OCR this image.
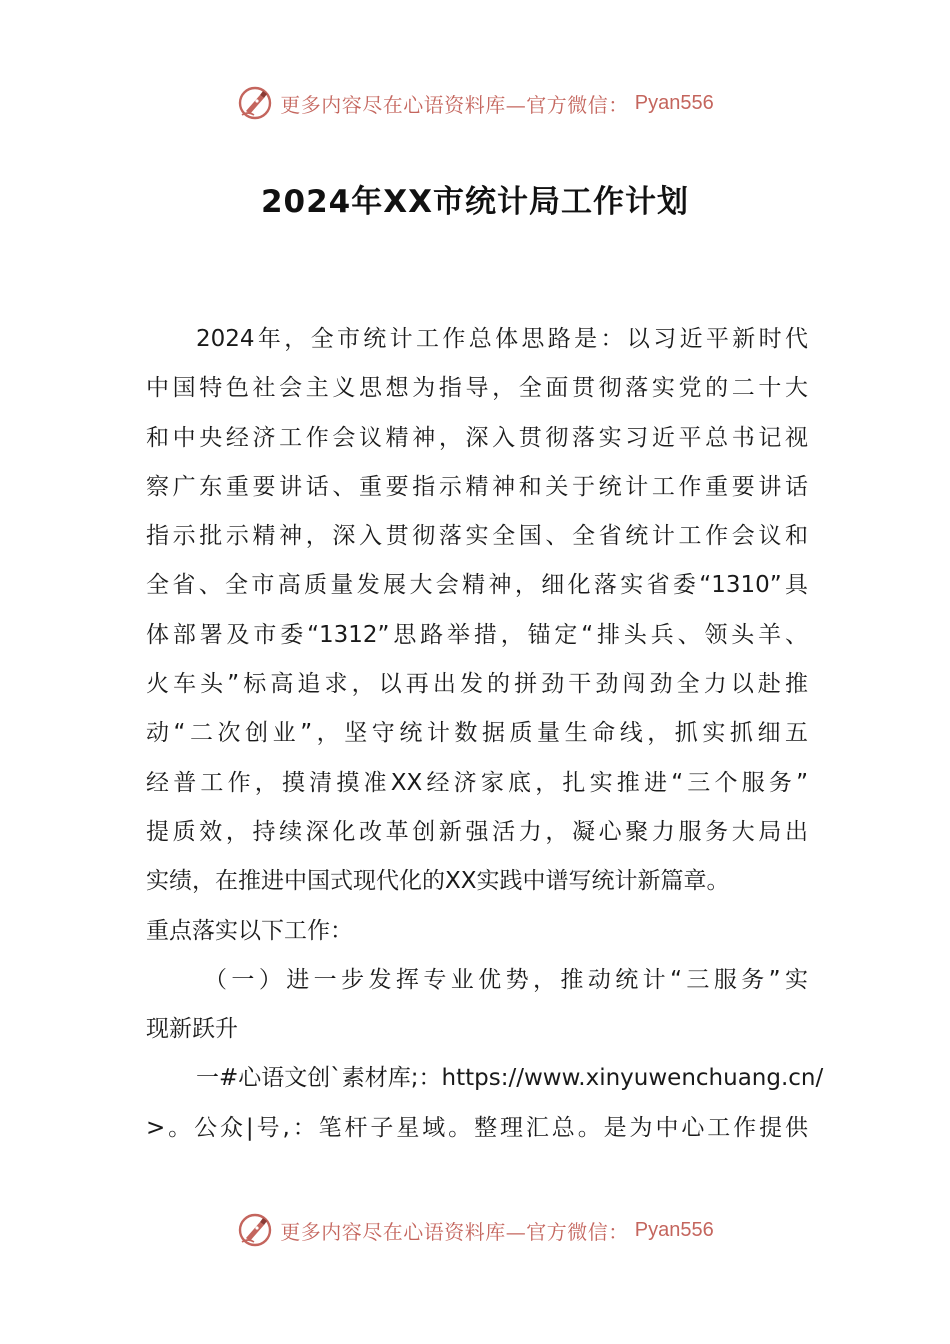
更多内容尽在心语资料库—官方微信： Pyan556
2024年XX市统计局工作计划
2024年，全市统计工作总体思路是：以习近平新时代
中国特色社会主义思想为指导，全面贯彻落实党的二十大
和中央经济工作会议精神，深入贯彻落实习近平总书记视
察广东重要讲话、重要指示精神和关于统计工作重要讲话
指示批示精神，深入贯彻落实全国、全省统计工作会议和
全省、全市高质量发展大会精神，细化落实省委“1310”具
体部署及市委“1312”思路举措，锚定“排头兵、领头羊、
火车头”标高追求，以再出发的拼劲干劲闯劲全力以赴推
动“二次创业”，坚守统计数据质量生命线，抓实抓细五
经普工作，摸清摸准XX经济家底，扎实推进“三个服务”
提质效，持续深化改革创新强活力，凝心聚力服务大局出
实绩，在推进中国式现代化的XX实践中谱写统计新篇章。
重点落实以下工作：
（一）进一步发挥专业优势，推动统计“三服务”实
现新跃升
一#心语文创`素材库;：https://www.xinyuwenchuang.cn/
>。公众|号,：笔杆子星域。整理汇总。是为中心工作提供
更多内容尽在心语资料库—官方微信： Pyan556
